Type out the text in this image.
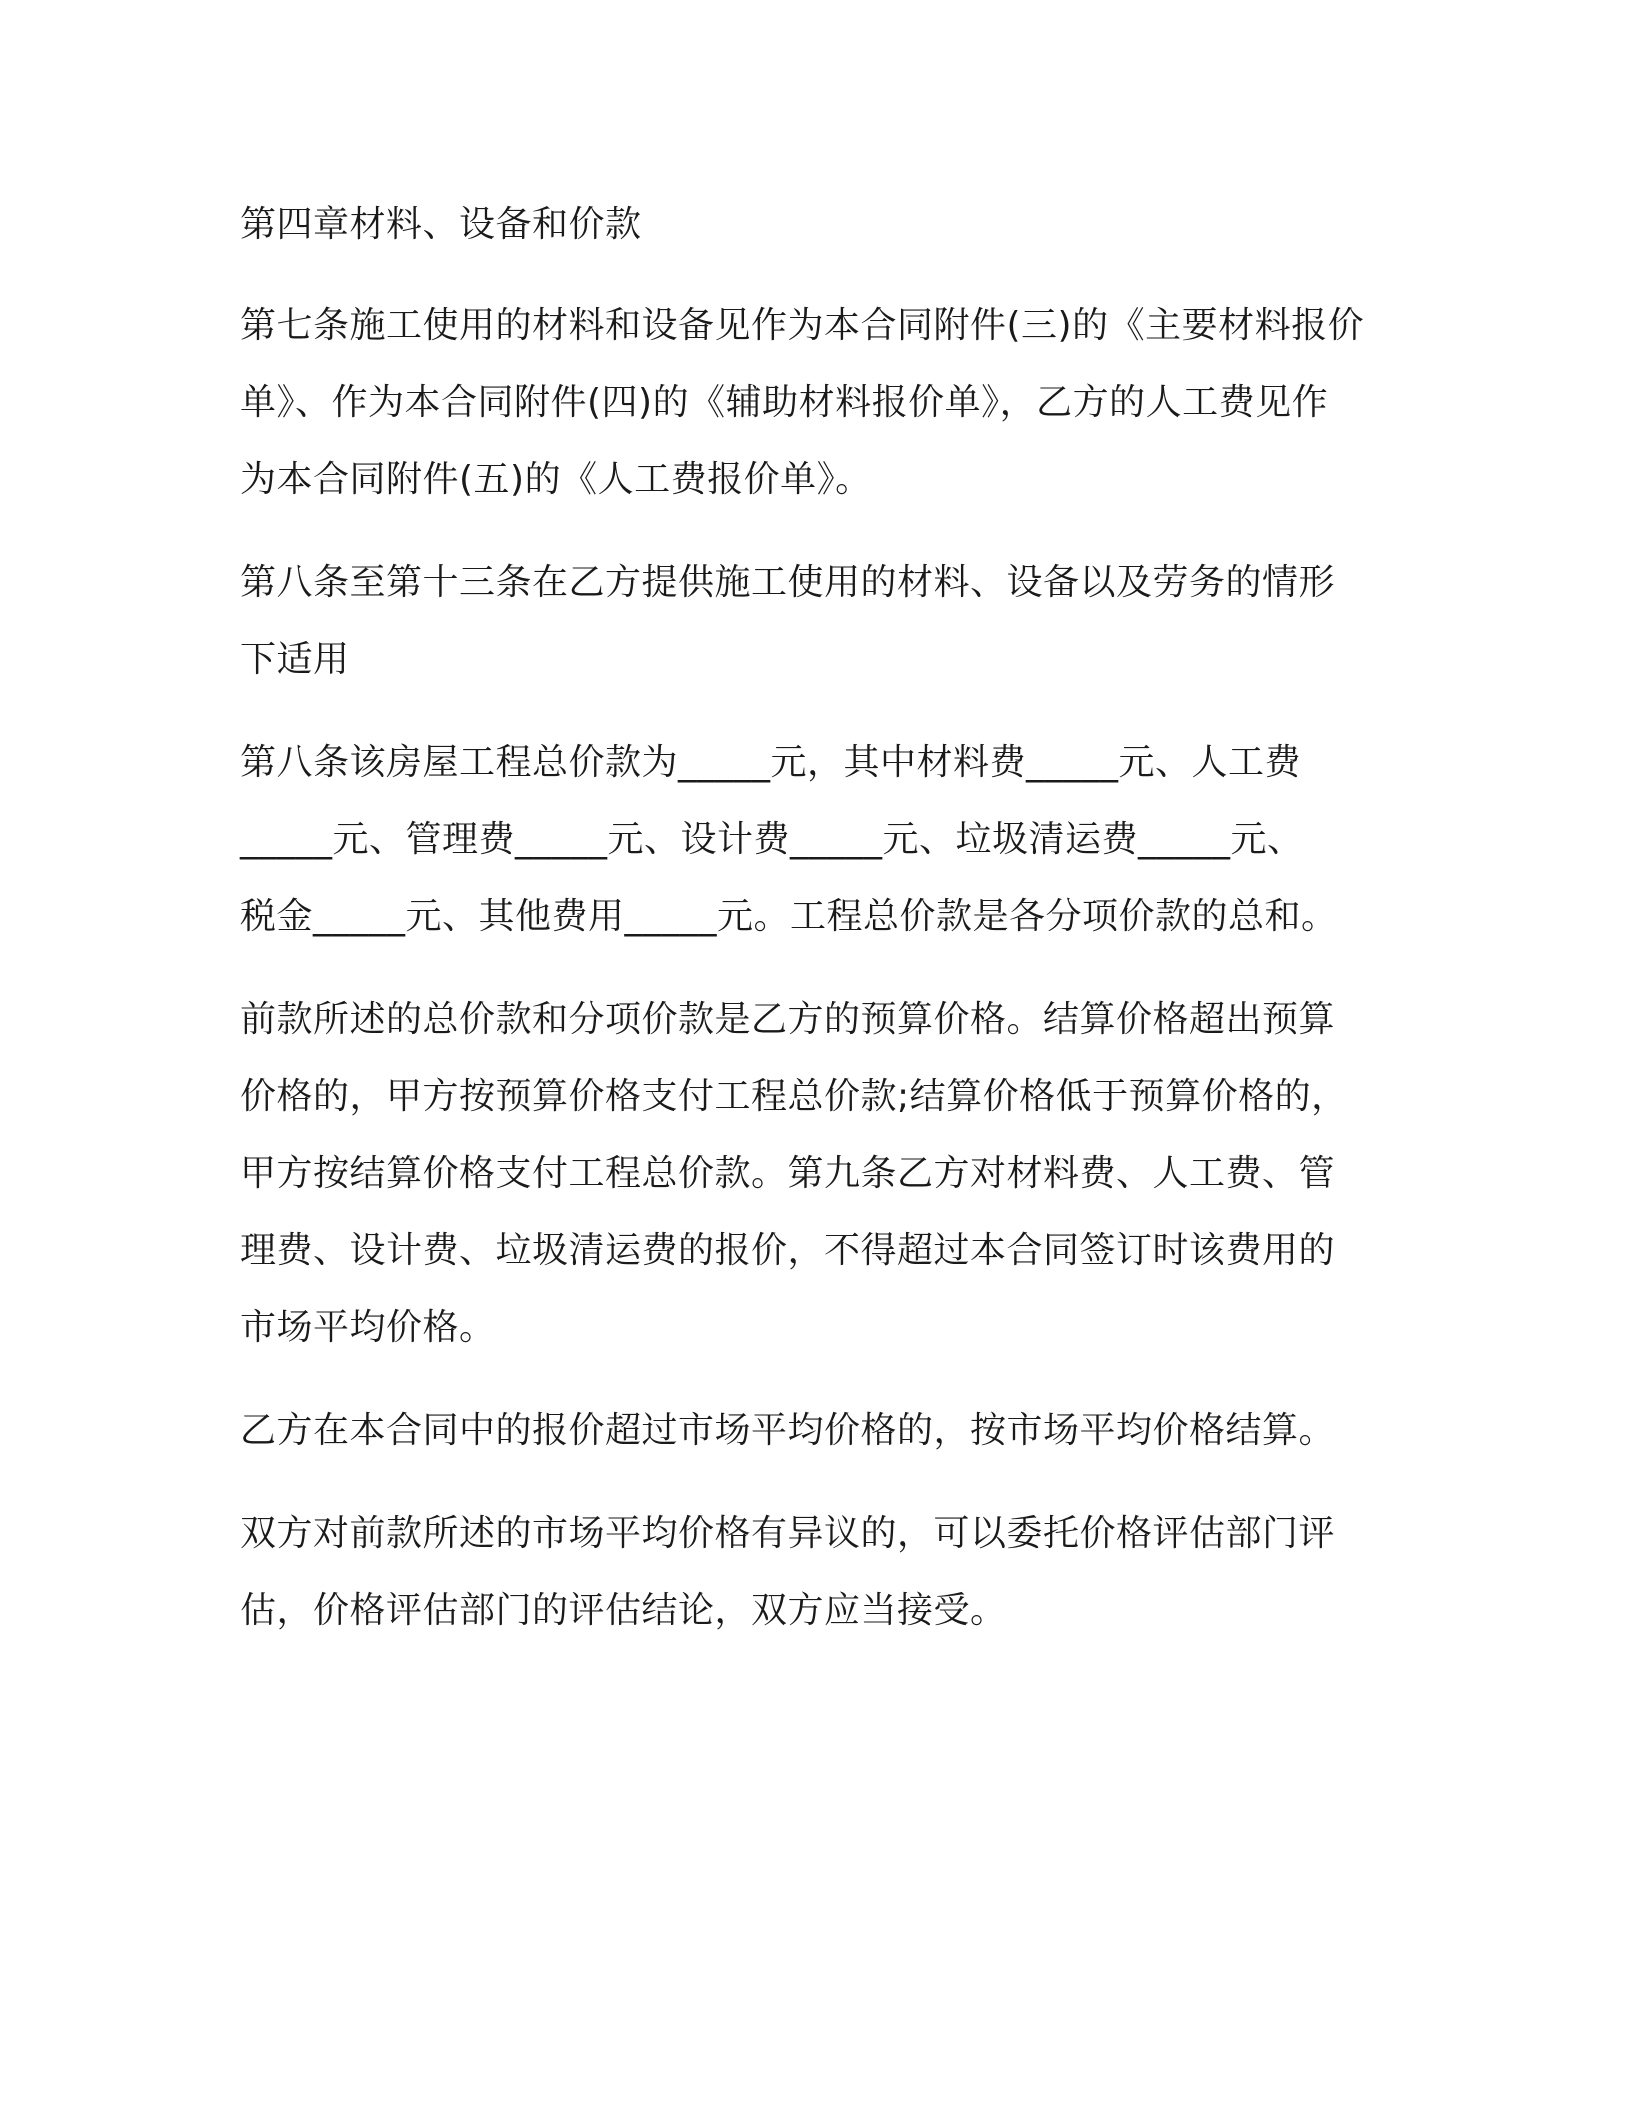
第四章材料、设备和价款

第七条施工使用的材料和设备见作为本合同附件(三)的《主要材料报价
单》、作为本合同附件(四)的《辅助材料报价单》，乙方的人工费见作
为本合同附件(五)的《人工费报价单》。

第八条至第十三条在乙方提供施工使用的材料、设备以及劳务的情形
下适用

第八条该房屋工程总价款为_____元，其中材料费_____元、人工费
_____元、管理费_____元、设计费_____元、垃圾清运费_____元、
税金_____元、其他费用_____元。工程总价款是各分项价款的总和。

前款所述的总价款和分项价款是乙方的预算价格。结算价格超出预算
价格的，甲方按预算价格支付工程总价款;结算价格低于预算价格的，
甲方按结算价格支付工程总价款。第九条乙方对材料费、人工费、管
理费、设计费、垃圾清运费的报价，不得超过本合同签订时该费用的
市场平均价格。

乙方在本合同中的报价超过市场平均价格的，按市场平均价格结算。

双方对前款所述的市场平均价格有异议的，可以委托价格评估部门评
估，价格评估部门的评估结论，双方应当接受。
